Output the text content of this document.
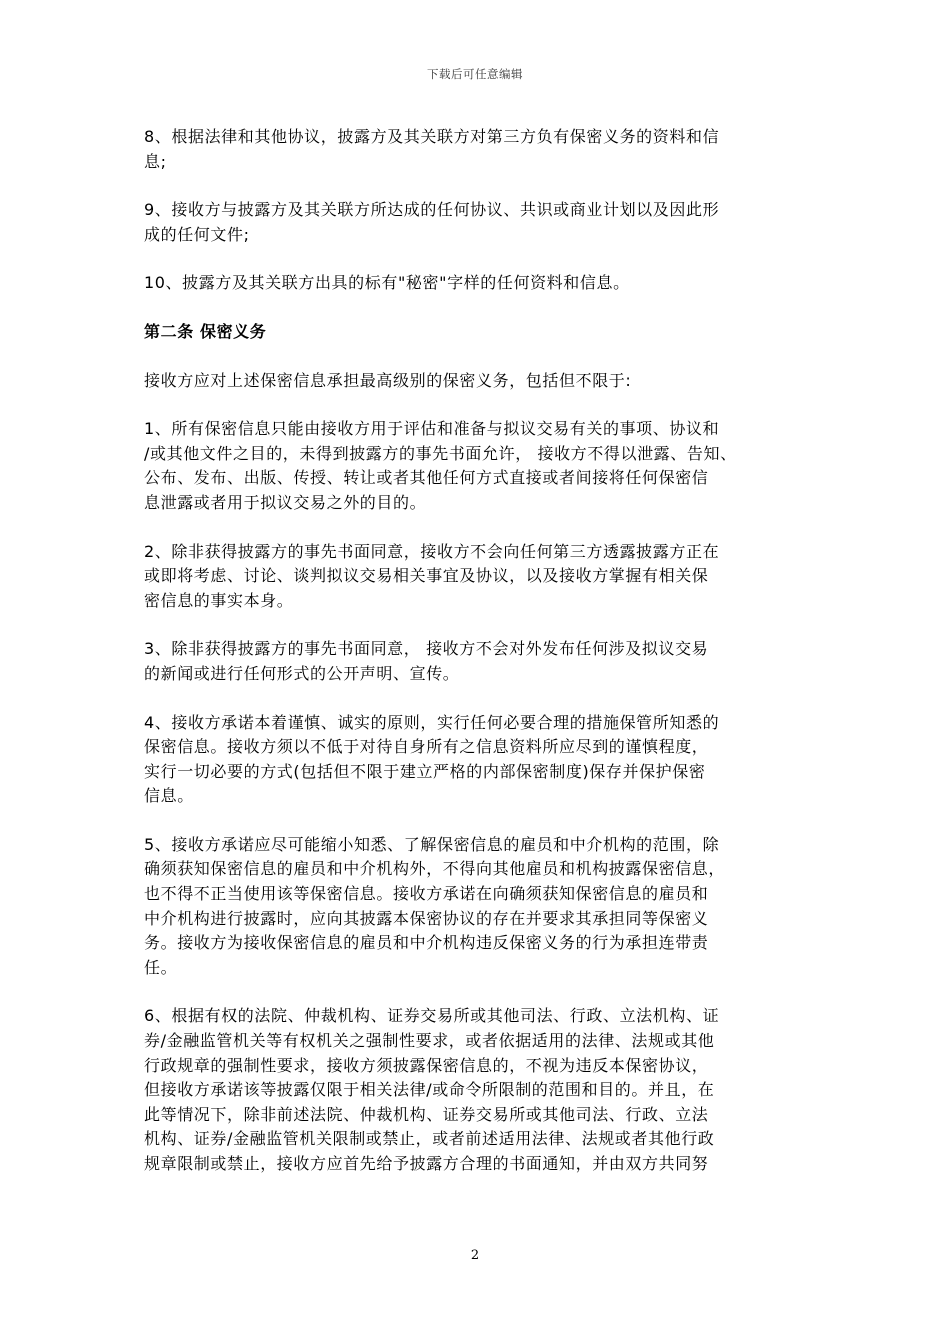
下载后可任意编辑

8、根据法律和其他协议，披露方及其关联方对第三方负有保密义务的资料和信
息;

9、接收方与披露方及其关联方所达成的任何协议、共识或商业计划以及因此形
成的任何文件;

10、披露方及其关联方出具的标有"秘密"字样的任何资料和信息。

第二条 保密义务

接收方应对上述保密信息承担最高级别的保密义务，包括但不限于:

1、所有保密信息只能由接收方用于评估和准备与拟议交易有关的事项、协议和
/或其他文件之目的，未得到披露方的事先书面允许， 接收方不得以泄露、告知、
公布、发布、出版、传授、转让或者其他任何方式直接或者间接将任何保密信
息泄露或者用于拟议交易之外的目的。

2、除非获得披露方的事先书面同意，接收方不会向任何第三方透露披露方正在
或即将考虑、讨论、谈判拟议交易相关事宜及协议，以及接收方掌握有相关保
密信息的事实本身。

3、除非获得披露方的事先书面同意， 接收方不会对外发布任何涉及拟议交易
的新闻或进行任何形式的公开声明、宣传。

4、接收方承诺本着谨慎、诚实的原则，实行任何必要合理的措施保管所知悉的
保密信息。接收方须以不低于对待自身所有之信息资料所应尽到的谨慎程度，
实行一切必要的方式(包括但不限于建立严格的内部保密制度)保存并保护保密
信息。

5、接收方承诺应尽可能缩小知悉、了解保密信息的雇员和中介机构的范围，除
确须获知保密信息的雇员和中介机构外，不得向其他雇员和机构披露保密信息，
也不得不正当使用该等保密信息。接收方承诺在向确须获知保密信息的雇员和
中介机构进行披露时，应向其披露本保密协议的存在并要求其承担同等保密义
务。接收方为接收保密信息的雇员和中介机构违反保密义务的行为承担连带责
任。

6、根据有权的法院、仲裁机构、证券交易所或其他司法、行政、立法机构、证
券/金融监管机关等有权机关之强制性要求，或者依据适用的法律、法规或其他
行政规章的强制性要求，接收方须披露保密信息的，不视为违反本保密协议，
但接收方承诺该等披露仅限于相关法律/或命令所限制的范围和目的。并且，在
此等情况下，除非前述法院、仲裁机构、证券交易所或其他司法、行政、立法
机构、证券/金融监管机关限制或禁止，或者前述适用法律、法规或者其他行政
规章限制或禁止，接收方应首先给予披露方合理的书面通知，并由双方共同努

2
